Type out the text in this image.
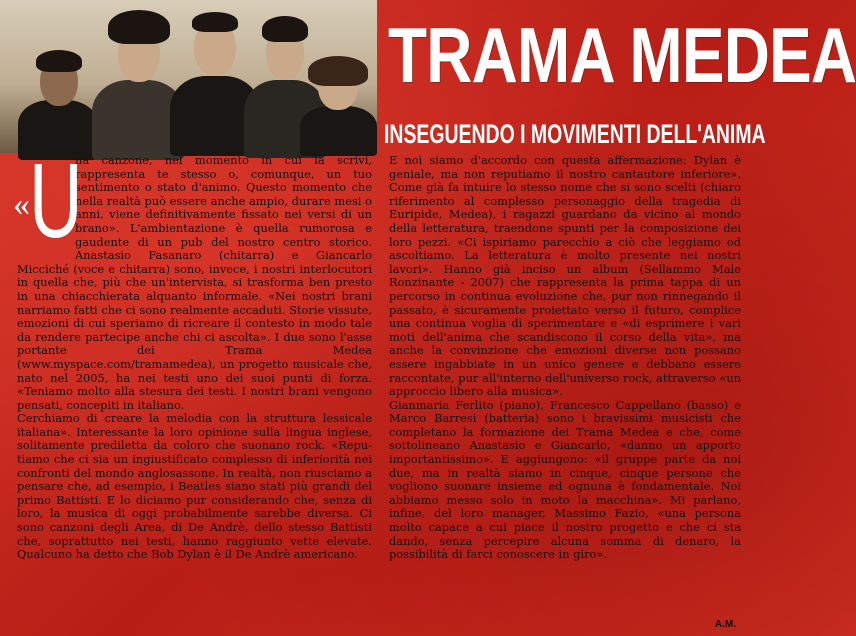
TRAMA MEDEA
INSEGUENDO I MOVIMENTI DELL'ANIMA
« U

na canzone, nel momento in cui la scrivi, rappresenta te stesso o, comunque, un tuo sentimento o stato d'animo. Questo momento che nella realtà può essere anche ampio, durare mesi o anni, viene definitivamente fissato nei versi di un brano». L'ambientazione è quella rumorosa e gaudente di un pub del nostro centro storico. Anastasio Fasanaro (chitarra) e Giancarlo Micciché (voce e chitarra) sono, invece, i nostri interlocutori in quella che, più che un'intervista, si trasforma ben presto in una chiacchierata alquanto informale. «Nei nostri brani narriamo fatti che ci sono realmente accaduti. Storie vissute, emozioni di cui speriamo di ricreare il contesto in modo tale da rendere partecipe anche chi ci ascolta». I due sono l'asse portante dei Trama Medea (www.myspace.com/tramamedea), un progetto musicale che, nato nel 2005, ha nei testi uno dei suoi punti di forza. «Teniamo molto alla stesura dei testi. I nostri brani vengono pensati, concepiti in italiano.

Cerchiamo di creare la melodia con la struttura lessicale italiana». Interessante la loro opinione sulla lingua inglese, solitamente prediletta da coloro che suonano rock. «Reputiamo che ci sia un ingiustificato complesso di inferiorità nei confronti del mondo anglosassone. In realtà, non riusciamo a pensare che, ad esempio, i Beatles siano stati più grandi del primo Battisti. E lo diciamo pur considerando che, senza di loro, la musica di oggi probabilmente sarebbe diversa. Ci sono canzoni degli Area, di De Andrè, dello stesso Battisti che, soprattutto nei testi, hanno raggiunto vette elevate. Qualcuno ha detto che Bob Dylan è il De Andrè americano.

E noi siamo d'accordo con questa affermazione: Dylan è geniale, ma non reputiamo il nostro cantautore inferiore». Come già fa intuire lo stesso nome che si sono scelti (chiaro riferimento al complesso personaggio della tragedia di Euripide, Medea), i ragazzi guardano da vicino al mondo della letteratura, traendone spunti per la composizione dei loro pezzi. «Ci ispiriamo parecchio a ciò che leggiamo od ascoltiamo. La letteratura è molto presente nei nostri lavori». Hanno già inciso un album (Sellammo Male Ronzinante - 2007) che rappresenta la prima tappa di un percorso in continua evoluzione che, pur non rinnegando il passato, è sicuramente proiettato verso il futuro, complice una continua voglia di sperimentare e «di esprimere i vari moti dell'anima che scandiscono il corso della vita», ma anche la convinzione che emozioni diverse non possano essere ingabbiate in un unico genere e debbano essere raccontate, pur all'interno dell'universo rock, attraverso «un approccio libero alla musica».

Gianmaria Ferlito (piano), Francesco Cappellano (basso) e Marco Barresi (batteria) sono i bravissimi musicisti che completano la formazione dei Trama Medea e che, come sottolineano Anastasio e Giancarlo, «danno un apporto importantissimo». E aggiungono: «il gruppe parte da noi due, ma in realtà siamo in cinque, cinque persone che vogliono suonare insieme ed ognuna è fondamentale. Noi abbiamo messo solo in moto la macchina». Mi parlano, infine, del loro manager, Massimo Fazio, «una persona molto capace a cui piace il nostro progetto e che ci sta dando, senza percepire alcuna somma di denaro, la possibilità di farci conoscere in giro».

A.M.
